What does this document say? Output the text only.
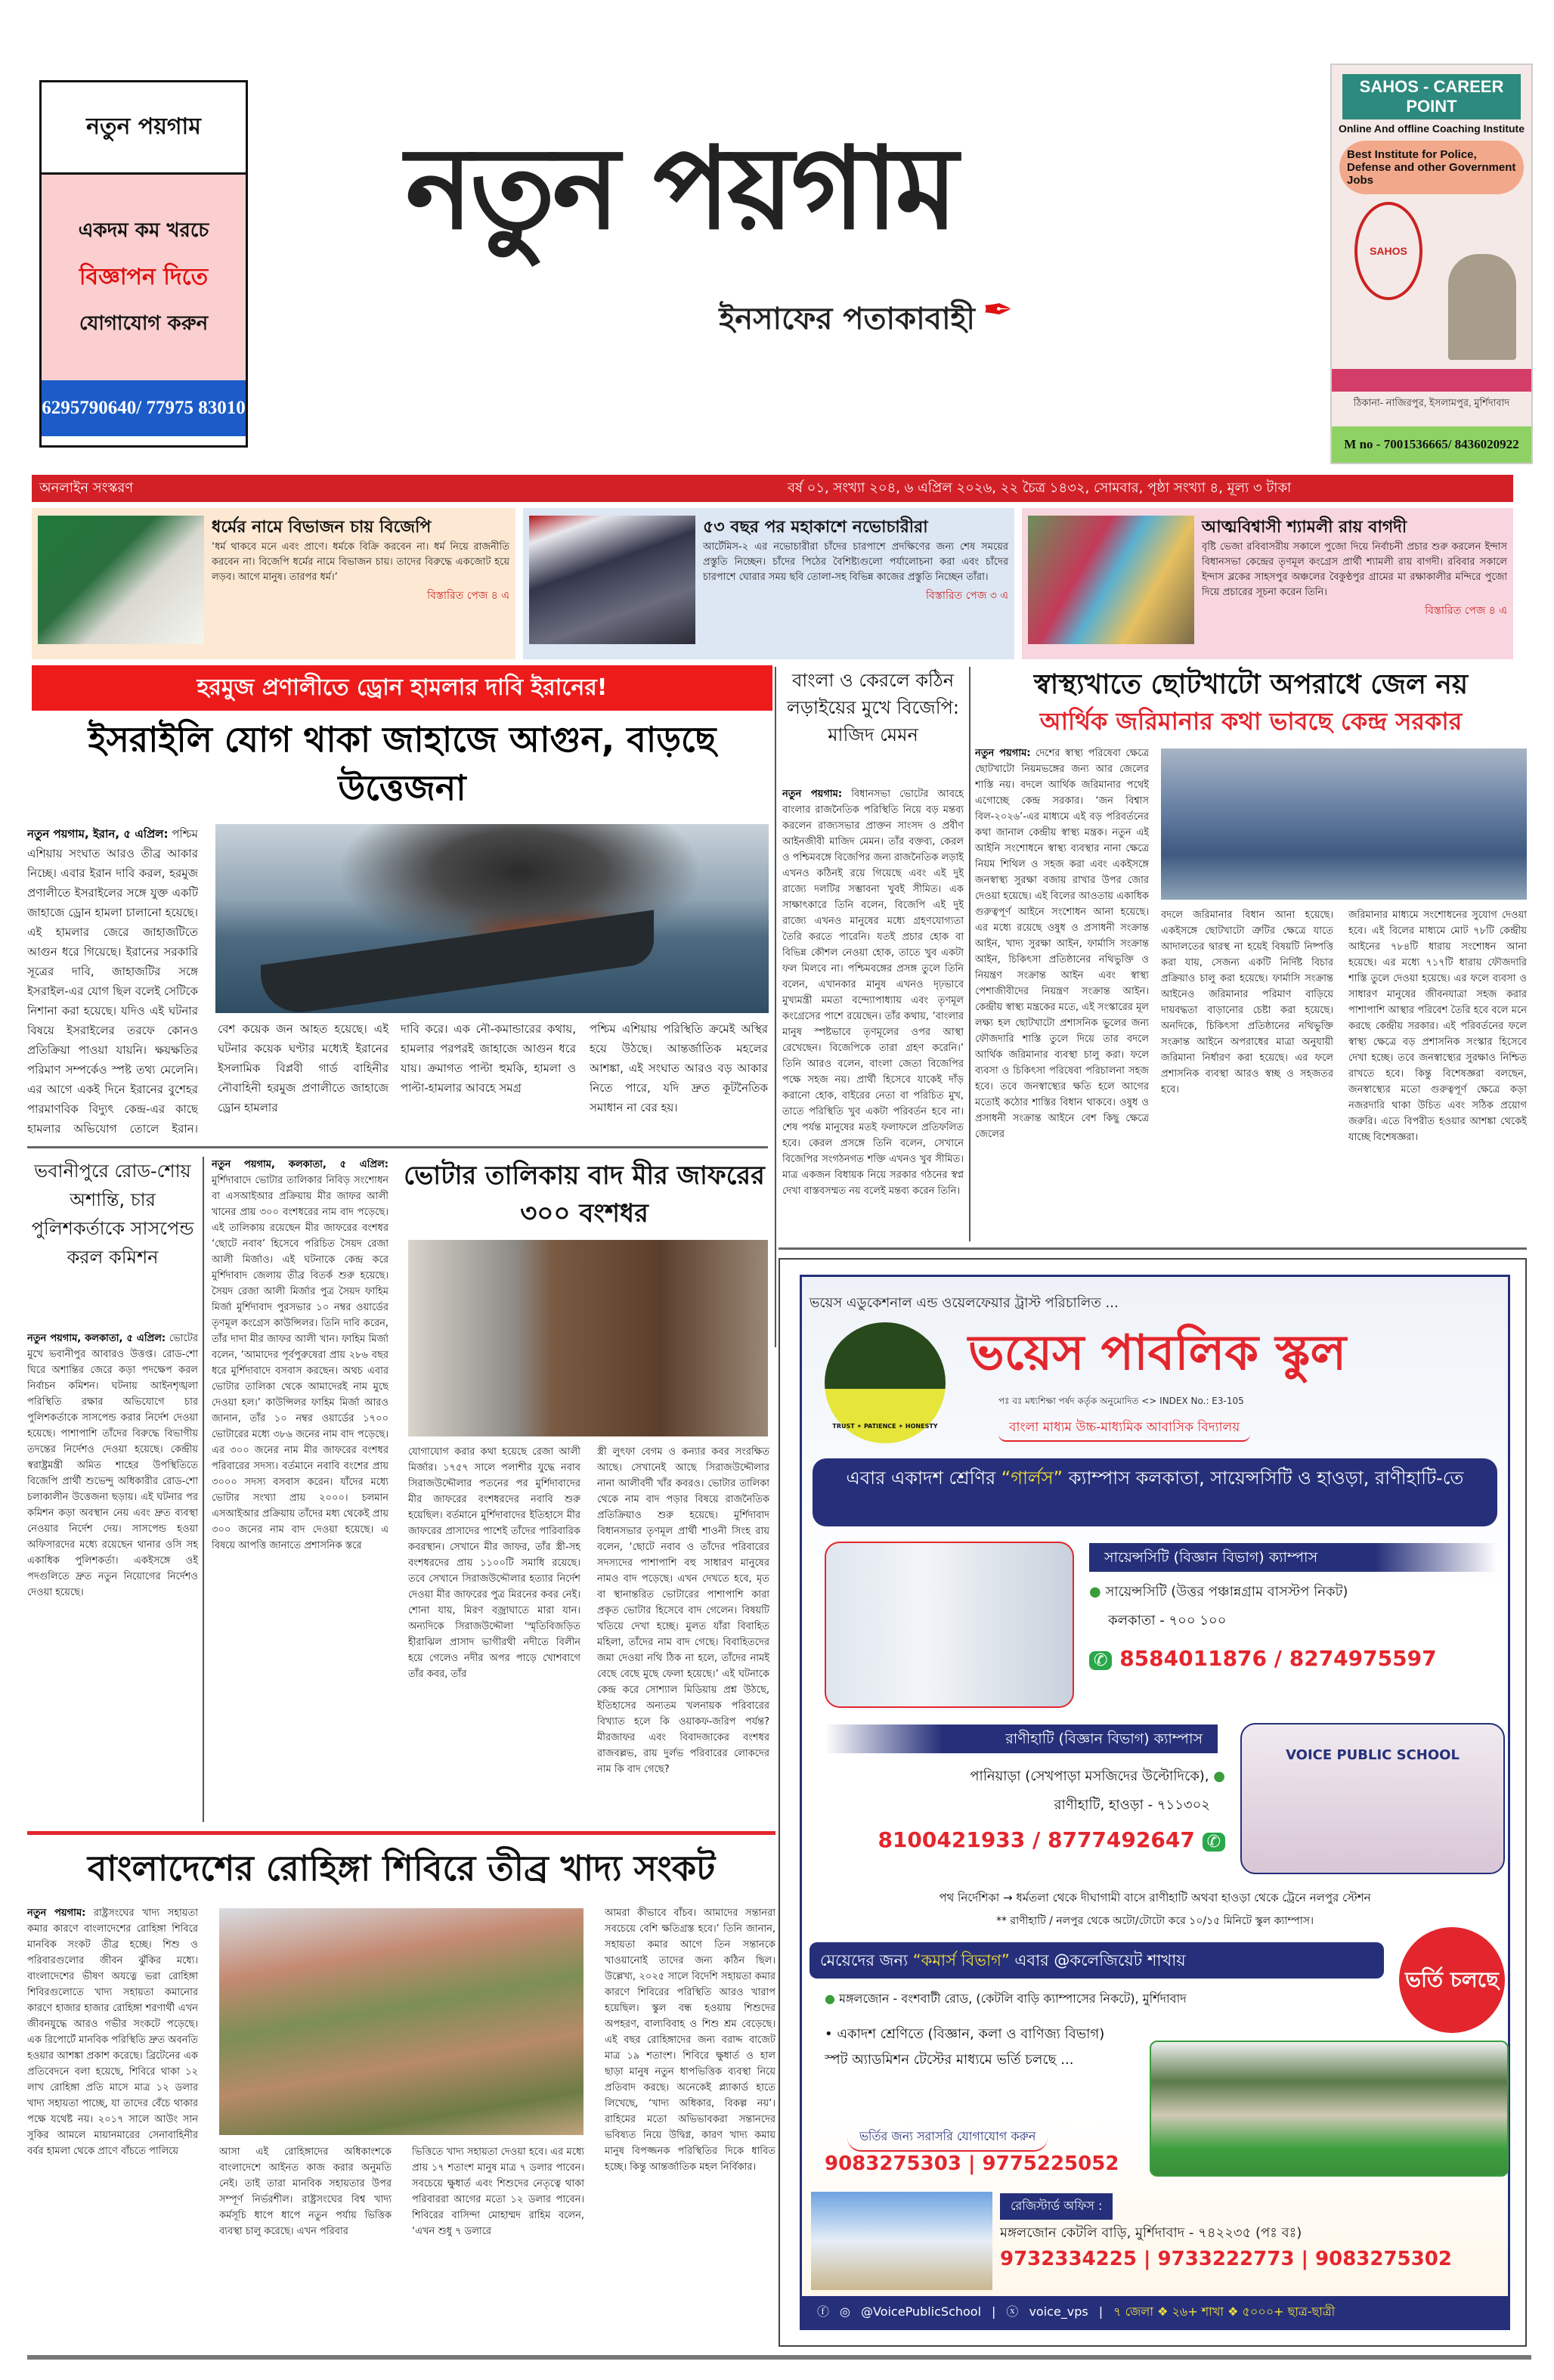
নতুন পয়গাম
একদম কম খরচে
বিজ্ঞাপন দিতে
যোগাযোগ করুন
6295790640/ 77975 83010
নতুন পয়গাম
ইনসাফের পতাকাবাহী ✒
SAHOS - CAREER POINT
Online And offline Coaching Institute
Best Institute for Police, Defense and other Government Jobs
SAHOS
ঠিকানা- নাজিরপুর, ইসলামপুর, মুর্শিদাবাদ
M no - 7001536665/ 8436020922
অনলাইন সংস্করণ	বর্ষ ০১, সংখ্যা ২০৪, ৬ এপ্রিল ২০২৬, ২২ চৈত্র ১৪৩২, সোমবার, পৃষ্ঠা সংখ্যা ৪, মূল্য ৩ টাকা
ধর্মের নামে বিভাজন চায় বিজেপি
‘ধর্ম থাকবে মনে এবং প্রাণে। ধর্মকে বিক্রি করবেন না। ধর্ম নিয়ে রাজনীতি করবেন না। বিজেপি ধর্মের নামে বিভাজন চায়। তাদের বিরুদ্ধে একজোট হয়ে লড়ব। আগে মানুষ। তারপর ধর্ম।’
বিস্তারিত পেজ ৪ এ
৫৩ বছর পর মহাকাশে নভোচারীরা
আর্টেমিস-২ এর নভোচারীরা চাঁদের চারপাশে প্রদক্ষিণের জন্য শেষ সময়ের প্রস্তুতি নিচ্ছেন। চাঁদের পিঠের বৈশিষ্ট্যগুলো পর্যালোচনা করা এবং চাঁদের চারপাশে ঘোরার সময় ছবি তোলা-সহ বিভিন্ন কাজের প্রস্তুতি নিচ্ছেন তাঁরা।
বিস্তারিত পেজ ৩ এ
আত্মবিশ্বাসী শ্যামলী রায় বাগদী
বৃষ্টি ভেজা রবিবাসরীয় সকালে পুজো দিয়ে নির্বাচনী প্রচার শুরু করলেন ইন্দাস বিধানসভা কেন্দ্রের তৃণমূল কংগ্রেস প্রার্থী শ্যামলী রায় বাগদী। রবিবার সকালে ইন্দাস ব্লকের সাহসপুর অঞ্চলের বৈকুণ্ঠপুর গ্রামের মা রক্ষাকালীর মন্দিরে পুজো দিয়ে প্রচারের সূচনা করেন তিনি।
বিস্তারিত পেজ ৪ এ
হরমুজ প্রণালীতে ড্রোন হামলার দাবি ইরানের!
ইসরাইলি যোগ থাকা জাহাজে আগুন, বাড়ছে উত্তেজনা
নতুন পয়গাম, ইরান, ৫ এপ্রিল: পশ্চিম এশিয়ায় সংঘাত আরও তীব্র আকার নিচ্ছে। এবার ইরান দাবি করল, হরমুজ প্রণালীতে ইসরাইলের সঙ্গে যুক্ত একটি জাহাজে ড্রোন হামলা চালানো হয়েছে। এই হামলার জেরে জাহাজটিতে আগুন ধরে গিয়েছে। ইরানের সরকারি সূত্রের দাবি, জাহাজটির সঙ্গে ইসরাইল-এর যোগ ছিল বলেই সেটিকে নিশানা করা হয়েছে। যদিও এই ঘটনার বিষয়ে ইসরাইলের তরফে কোনও প্রতিক্রিয়া পাওয়া যায়নি। ক্ষয়ক্ষতির পরিমাণ সম্পর্কেও স্পষ্ট তথ্য মেলেনি। এর আগে একই দিনে ইরানের বুশেহর পারমাণবিক বিদ্যুৎ কেন্দ্র-এর কাছে হামলার অভিযোগ তোলে ইরান।
বেশ কয়েক জন আহত হয়েছে। এই ঘটনার কয়েক ঘণ্টার মধ্যেই ইরানের ইসলামিক বিপ্লবী গার্ড বাহিনীর নৌবাহিনী হরমুজ প্রণালীতে জাহাজে ড্রোন হামলার
দাবি করে। এক নৌ-কমান্ডারের কথায়, হামলার পরপরই জাহাজে আগুন ধরে যায়। ক্রমাগত পাল্টা হুমকি, হামলা ও পাল্টা-হামলার আবহে সমগ্র
পশ্চিম এশিয়ায় পরিস্থিতি ক্রমেই অস্থির হয়ে উঠছে। আন্তর্জাতিক মহলের আশঙ্কা, এই সংঘাত আরও বড় আকার নিতে পারে, যদি দ্রুত কূটনৈতিক সমাধান না বের হয়।
বাংলা ও কেরলে কঠিন লড়াইয়ের মুখে বিজেপি: মাজিদ মেমন
নতুন পয়গাম: বিধানসভা ভোটের আবহে বাংলার রাজনৈতিক পরিস্থিতি নিয়ে বড় মন্তব্য করলেন রাজ্যসভার প্রাক্তন সাংসদ ও প্রবীণ আইনজীবী মাজিদ মেমন। তাঁর বক্তব্য, কেরল ও পশ্চিমবঙ্গে বিজেপির জন্য রাজনৈতিক লড়াই এখনও কঠিনই রয়ে গিয়েছে এবং এই দুই রাজ্যে দলটির সম্ভাবনা খুবই সীমিত। এক সাক্ষাৎকারে তিনি বলেন, বিজেপি এই দুই রাজ্যে এখনও মানুষের মধ্যে গ্রহণযোগ্যতা তৈরি করতে পারেনি। যতই প্রচার হোক বা বিভিন্ন কৌশল নেওয়া হোক, তাতে খুব একটা ফল মিলবে না। পশ্চিমবঙ্গের প্রসঙ্গ তুলে তিনি বলেন, এখানকার মানুষ এখনও দৃঢ়ভাবে মুখ্যমন্ত্রী মমতা বন্দ্যোপাধ্যায় এবং তৃণমূল কংগ্রেসের পাশে রয়েছেন। তাঁর কথায়, ‘বাংলার মানুষ স্পষ্টভাবে তৃণমূলের ওপর আস্থা রেখেছেন। বিজেপিকে তারা গ্রহণ করেনি।’ তিনি আরও বলেন, বাংলা জেতা বিজেপির পক্ষে সহজ নয়। প্রার্থী হিসেবে যাকেই দাঁড় করানো হোক, বাইরের নেতা বা পরিচিত মুখ, তাতে পরিস্থিতি খুব একটা পরিবর্তন হবে না। শেষ পর্যন্ত মানুষের মতই ফলাফলে প্রতিফলিত হবে। কেরল প্রসঙ্গে তিনি বলেন, সেখানে বিজেপির সংগঠনগত শক্তি এখনও খুব সীমিত। মাত্র একজন বিধায়ক নিয়ে সরকার গঠনের স্বপ্ন দেখা বাস্তবসম্মত নয় বলেই মন্তব্য করেন তিনি।
স্বাস্থ্যখাতে ছোটখাটো অপরাধে জেল নয়
আর্থিক জরিমানার কথা ভাবছে কেন্দ্র সরকার
নতুন পয়গাম: দেশের স্বাস্থ্য পরিষেবা ক্ষেত্রে ছোটখাটো নিয়মভঙ্গের জন্য আর জেলের শাস্তি নয়। বদলে আর্থিক জরিমানার পথেই এগোচ্ছে কেন্দ্র সরকার। ‘জন বিশ্বাস বিল-২০২৬’-এর মাধ্যমে এই বড় পরিবর্তনের কথা জানাল কেন্দ্রীয় স্বাস্থ্য মন্ত্রক। নতুন এই আইনি সংশোধনে স্বাস্থ্য ব্যবস্থার নানা ক্ষেত্রে নিয়ম শিথিল ও সহজ করা এবং একইসঙ্গে জনস্বাস্থ্য সুরক্ষা বজায় রাখার উপর জোর দেওয়া হয়েছে। এই বিলের আওতায় একাধিক গুরুত্বপূর্ণ আইনে সংশোধন আনা হয়েছে। এর মধ্যে রয়েছে ওষুধ ও প্রসাধনী সংক্রান্ত আইন, খাদ্য সুরক্ষা আইন, ফার্মাসি সংক্রান্ত আইন, চিকিৎসা প্রতিষ্ঠানের নথিভুক্তি ও নিয়ন্ত্রণ সংক্রান্ত আইন এবং স্বাস্থ্য পেশাজীবীদের নিয়ন্ত্রণ সংক্রান্ত আইন। কেন্দ্রীয় স্বাস্থ্য মন্ত্রকের মতে, এই সংস্কারের মূল লক্ষ্য হল ছোটখাটো প্রশাসনিক ভুলের জন্য ফৌজদারি শাস্তি তুলে দিয়ে তার বদলে আর্থিক জরিমানার ব্যবস্থা চালু করা। ফলে ব্যবসা ও চিকিৎসা পরিষেবা পরিচালনা সহজ হবে। তবে জনস্বাস্থ্যের ক্ষতি হলে আগের মতোই কঠোর শাস্তির বিধান থাকবে। ওষুধ ও প্রসাধনী সংক্রান্ত আইনে বেশ কিছু ক্ষেত্রে জেলের
বদলে জরিমানার বিধান আনা হয়েছে। একইসঙ্গে ছোটখাটো ত্রুটির ক্ষেত্রে যাতে আদালতের দ্বারস্থ না হয়েই বিষয়টি নিষ্পত্তি করা যায়, সেজন্য একটি নির্দিষ্ট বিচার প্রক্রিয়াও চালু করা হয়েছে। ফার্মাসি সংক্রান্ত আইনেও জরিমানার পরিমাণ বাড়িয়ে দায়বদ্ধতা বাড়ানোর চেষ্টা করা হয়েছে। অনদিকে, চিকিৎসা প্রতিষ্ঠানের নথিভুক্তি সংক্রান্ত আইনে অপরাধের মাত্রা অনুযায়ী জরিমানা নির্ধারণ করা হয়েছে। এর ফলে প্রশাসনিক ব্যবস্থা আরও স্বচ্ছ ও সহজতর হবে।
জরিমানার মাধ্যমে সংশোধনের সুযোগ দেওয়া হবে। এই বিলের মাধ্যমে মোট ৭৮টি কেন্দ্রীয় আইনের ৭৮৪টি ধারায় সংশোধন আনা হয়েছে। এর মধ্যে ৭১৭টি ধারায় ফৌজদারি শাস্তি তুলে দেওয়া হয়েছে। এর ফলে ব্যবসা ও সাধারণ মানুষের জীবনযাত্রা সহজ করার পাশাপাশি আস্থার পরিবেশ তৈরি হবে বলে মনে করছে কেন্দ্রীয় সরকার। এই পরিবর্তনের ফলে স্বাস্থ্য ক্ষেত্রে বড় প্রশাসনিক সংস্কার হিসেবে দেখা হচ্ছে। তবে জনস্বাস্থ্যের সুরক্ষাও নিশ্চিত রাখতে হবে। কিন্তু বিশেষজ্ঞরা বলছেন, জনস্বাস্থ্যের মতো গুরুত্বপূর্ণ ক্ষেত্রে কড়া নজরদারি থাকা উচিত এবং সঠিক প্রয়োগ জরুরি। এতে বিপরীত হওয়ার আশঙ্কা থেকেই যাচ্ছে বিশেষজ্ঞরা।
ভবানীপুরে রোড-শোয় অশান্তি, চার পুলিশকর্তাকে সাসপেন্ড করল কমিশন
নতুন পয়গাম, কলকাতা, ৫ এপ্রিল: ভোটের মুখে ভবানীপুর আবারও উত্তপ্ত। রোড-শো ঘিরে অশান্তির জেরে কড়া পদক্ষেপ করল নির্বাচন কমিশন। ঘটনায় আইনশৃঙ্খলা পরিস্থিতি রক্ষার অভিযোগে চার পুলিশকর্তাকে সাসপেন্ড করার নির্দেশ দেওয়া হয়েছে। পাশাপাশি তাঁদের বিরুদ্ধে বিভাগীয় তদন্তের নির্দেশও দেওয়া হয়েছে। কেন্দ্রীয় স্বরাষ্ট্রমন্ত্রী অমিত শাহের উপস্থিতিতে বিজেপি প্রার্থী শুভেন্দু অধিকারীর রোড-শো চলাকালীন উত্তেজনা ছড়ায়। এই ঘটনার পর কমিশন কড়া অবস্থান নেয় এবং দ্রুত ব্যবস্থা নেওয়ার নির্দেশ দেয়। সাসপেন্ড হওয়া অফিসারদের মধ্যে রয়েছেন থানার ওসি সহ একাধিক পুলিশকর্তা। একইসঙ্গে ওই পদগুলিতে দ্রুত নতুন নিয়োগের নির্দেশও দেওয়া হয়েছে।
নতুন পয়গাম, কলকাতা, ৫ এপ্রিল: মুর্শিদাবাদে ভোটার তালিকার নিবিড় সংশোধন বা এসআইআর প্রক্রিয়ায় মীর জাফর আলী খানের প্রায় ৩০০ বংশধরের নাম বাদ পড়েছে। এই তালিকায় রয়েছেন মীর জাফরের বংশধর ‘ছোটে নবাব’ হিসেবে পরিচিত সৈয়দ রেজা আলী মির্জাও। এই ঘটনাকে কেন্দ্র করে মুর্শিদাবাদ জেলায় তীব্র বিতর্ক শুরু হয়েছে। সৈয়দ রেজা আলী মির্জার পুত্র সৈয়দ ফাহিম মির্জা মুর্শিদাবাদ পুরসভার ১০ নম্বর ওয়ার্ডের তৃণমূল কংগ্রেস কাউন্সিলর। তিনি দাবি করেন, তাঁর দাদা মীর জাফর আলী খান। ফাহিম মির্জা বলেন, ‘আমাদের পূর্বপুরুষেরা প্রায় ২৮৬ বছর ধরে মুর্শিদাবাদে বসবাস করছেন। অথচ এবার ভোটার তালিকা থেকে আমাদেরই নাম মুছে দেওয়া হল।’ কাউন্সিলর ফাহিম মির্জা আরও জানান, তাঁর ১০ নম্বর ওয়ার্ডের ১৭০০ ভোটারের মধ্যে ৩৮৬ জনের নাম বাদ পড়েছে। এর ৩০০ জনের নাম মীর জাফরের বংশধর পরিবারের সদস্য। বর্তমানে নবাবি বংশের প্রায় ৩০০০ সদস্য বসবাস করেন। যাঁদের মধ্যে ভোটার সংখ্যা প্রায় ২০০০। চলমান এসআইআর প্রক্রিয়ায় তাঁদের মধ্য থেকেই প্রায় ৩০০ জনের নাম বাদ দেওয়া হয়েছে। এ বিষয়ে আপত্তি জানাতে প্রশাসনিক স্তরে
ভোটার তালিকায় বাদ মীর জাফরের ৩০০ বংশধর
যোগাযোগ করার কথা হয়েছে রেজা আলী মির্জার। ১৭৫৭ সালে পলাশীর যুদ্ধে নবাব সিরাজউদ্দৌলার পতনের পর মুর্শিদাবাদের মীর জাফরের বংশধরদের নবাবি শুরু হয়েছিল। বর্তমানে মুর্শিদাবাদের ইতিহাসে মীর জাফরের প্রাসাদের পাশেই তাঁদের পারিবারিক কবরস্থান। সেখানে মীর জাফর, তাঁর স্ত্রী-সহ বংশধরদের প্রায় ১১০০টি সমাধি রয়েছে। তবে সেখানে সিরাজউদ্দৌলার হত্যার নির্দেশ দেওয়া মীর জাফরের পুত্র মিরনের কবর নেই। শোনা যায়, মিরণ বজ্রাঘাতে মারা যান। অন্যদিকে সিরাজউদ্দৌলা 'স্মৃতিবিজড়িত হীরাঝিল প্রাসাদ ভাগীরথী নদীতে বিলীন হয়ে গেলেও নদীর অপর পাড়ে খোশবাগে তাঁর কবর, তাঁর
স্ত্রী লুৎফা বেগম ও কন্যার কবর সংরক্ষিত আছে। সেখানেই আছে সিরাজউদ্দৌলার নানা আলীবর্দী খাঁর কবরও। ভোটার তালিকা থেকে নাম বাদ পড়ার বিষয়ে রাজনৈতিক প্রতিক্রিয়াও শুরু হয়েছে। মুর্শিদাবাদ বিধানসভার তৃণমূল প্রার্থী শাওনী সিংহ রায় বলেন, ‘ছোটে নবাব ও তাঁদের পরিবারের সদস্যদের পাশাপাশি বহু সাধারণ মানুষের নামও বাদ পড়েছে। এখন দেখতে হবে, মৃত বা স্থানান্তরিত ভোটারের পাশাপাশি কারা প্রকৃত ভোটার হিসেবে বাদ গেলেন। বিষয়টি খতিয়ে দেখা হচ্ছে। মুলত যাঁরা বিবাহিত মহিলা, তাঁদের নাম বাদ গেছে। বিবাহিতদের জমা দেওয়া নথি ঠিক না হলে, তাঁদের নামই বেছে বেছে মুছে ফেলা হয়েছে।’ এই ঘটনাকে কেন্দ্র করে সোশ্যাল মিডিয়ায় প্রশ্ন উঠছে, ইতিহাসের অন্যতম খলনায়ক পরিবারের বিখ্যাত হলে কি ওয়াকফ-জরিপ পর্যন্ত? মীরজাফর এবং বিবাদজাকের বংশধর রাজবল্লভ, রায় দুর্লভ পরিবারের লোকদের নাম কি বাদ গেছে?
বাংলাদেশের রোহিঙ্গা শিবিরে তীব্র খাদ্য সংকট
নতুন পয়গাম: রাষ্ট্রসংঘের খাদ্য সহায়তা কমার কারণে বাংলাদেশের রোহিঙ্গা শিবিরে মানবিক সংকট তীব্র হচ্ছে। শিশু ও পরিবারগুলোর জীবন ঝুঁকির মধ্যে। বাংলাদেশের ভীষণ অযত্নে ভরা রোহিঙ্গা শিবিরগুলোতে খাদ্য সহায়তা কমানোর কারণে হাজার হাজার রোহিঙ্গা শরণার্থী এখন জীবনযুদ্ধে আরও গভীর সংকটে পড়েছে। এক রিপোর্টে মানবিক পরিস্থিতি দ্রুত অবনতি হওয়ার আশঙ্কা প্রকাশ করেছে। ব্রিটেনের এক প্রতিবেদনে বলা হয়েছে, শিবিরে থাকা ১২ লাখ রোহিঙ্গা প্রতি মাসে মাত্র ১২ ডলার খাদ্য সহায়তা পাচ্ছে, যা তাদের বেঁচে থাকার পক্ষে যথেষ্ট নয়। ২০১৭ সালে আউং সান সুকির আমলে মায়ানমারের সেনাবাহিনীর বর্বর হামলা থেকে প্রাণে বাঁচতে পালিয়ে	আসা এই রোহিঙ্গাদের অধিকাংশকে বাংলাদেশে আইনত কাজ করার অনুমতি নেই। তাই তারা মানবিক সহায়তার উপর সম্পূর্ণ নির্ভরশীল। রাষ্ট্রসংঘের বিশ্ব খাদ্য কর্মসূচি ধাপে ধাপে নতুন পর্যায় ভিত্তিক ব্যবস্থা চালু করেছে। এখন পরিবার
ভিত্তিতে খাদ্য সহায়তা দেওয়া হবে। এর মধ্যে প্রায় ১৭ শতাংশ মানুষ মাত্র ৭ ডলার পাবেন। সবচেয়ে ক্ষুধার্ত এবং শিশুদের নেতৃত্বে থাকা পরিবাররা আগের মতো ১২ ডলার পাবেন। শিবিরের বাসিন্দা মোহাম্মদ রাহিম বলেন, ‘এখন শুধু ৭ ডলারে
আমরা কীভাবে বাঁচব। আমাদের সন্তানরা সবচেয়ে বেশি ক্ষতিগ্রস্ত হবে।’ তিনি জানান, সহায়তা কমার আগে তিন সন্তানকে খাওয়ানোই তাদের জন্য কঠিন ছিল। উল্লেখ্য, ২০২৫ সালে বিদেশি সহায়তা কমার কারণে শিবিরের পরিস্থিতি আরও খারাপ হয়েছিল। স্কুল বন্ধ হওয়ায় শিশুদের অপহরণ, বাল্যবিবাহ ও শিশু শ্রম বেড়েছে। এই বছর রোহিঙ্গাদের জন্য বরাদ্দ বাজেট মাত্র ১৯ শতাংশ। শিবিরে ক্ষুধার্ত ও হাল ছাড়া মানুষ নতুন ধাপভিত্তিক ব্যবস্থা নিয়ে প্রতিবাদ করছে। অনেকেই প্ল্যাকার্ড হাতে লিখেছে, ‘খাদ্য অধিকার, বিকল্প নয়’। রাহিমের মতো অভিভাবকরা সন্তানদের ভবিষ্যত নিয়ে উদ্বিগ্ন, কারণ খাদ্য কমায় মানুষ বিপজ্জনক পরিস্থিতির দিকে ধাবিত হচ্ছে। কিন্তু আন্তর্জাতিক মহল নির্বিকার।
ভয়েস এডুকেশনাল এন্ড ওয়েলফেয়ার ট্রাস্ট পরিচালিত ...
TRUST ✶ PATIENCE ✶ HONESTY
ভয়েস পাবলিক স্কুল
পঃ বঃ মধ্যশিক্ষা পর্ষদ কর্তৃক অনুমোদিত <> INDEX No.: E3-105
বাংলা মাধ্যম উচ্চ-মাধ্যমিক আবাসিক বিদ্যালয়
এবার একাদশ শ্রেণির “গার্লস” ক্যাম্পাস কলকাতা, সায়েন্সসিটি ও হাওড়া, রাণীহাটি-তে
সায়েন্সসিটি (বিজ্ঞান বিভাগ) ক্যাম্পাস
● সায়েন্সসিটি (উত্তর পঞ্চান্নগ্রাম বাসস্টপ নিকট)
কলকাতা - ৭০০ ১০০
✆ 8584011876 / 8274975597
রাণীহাটি (বিজ্ঞান বিভাগ) ক্যাম্পাস
পানিয়াড়া (সেখপাড়া মসজিদের উল্টোদিকে), ●
রাণীহাটি, হাওড়া - ৭১১৩০২
8100421933 / 8777492647 ✆
VOICE PUBLIC SCHOOL
পথ নির্দেশিকা → ধর্মতলা থেকে দীঘাগামী বাসে রাণীহাটি অথবা হাওড়া থেকে ট্রেনে নলপুর স্টেশন
** রাণীহাটি / নলপুর থেকে অটো/টোটো করে ১০/১৫ মিনিটে স্কুল ক্যাম্পাস।
মেয়েদের জন্য “কমার্স বিভাগ” এবার @কলেজিয়েট শাখায়
ভর্তি চলছে
● মঙ্গলজোন - বংশবাটী রোড, (কেটলি বাড়ি ক্যাম্পাসের নিকটে), মুর্শিদাবাদ
• একাদশ শ্রেণিতে (বিজ্ঞান, কলা ও বাণিজ্য বিভাগ) স্পট অ্যাডমিশন টেস্টের মাধ্যমে ভর্তি চলছে ...
ভর্তির জন্য সরাসরি যোগাযোগ করুন
9083275303 | 9775225052
রেজিস্টার্ড অফিস :
মঙ্গলজোন কেটলি বাড়ি, মুর্শিদাবাদ - ৭৪২২৩৫ (পঃ বঃ)
9732334225 | 9733222773 | 9083275302
ⓕ ◎ @VoicePublicSchool | ⓧ voice_vps | ৭ জেলা ❖ ২৬+ শাখা ❖ ৫০০০+ ছাত্র-ছাত্রী
